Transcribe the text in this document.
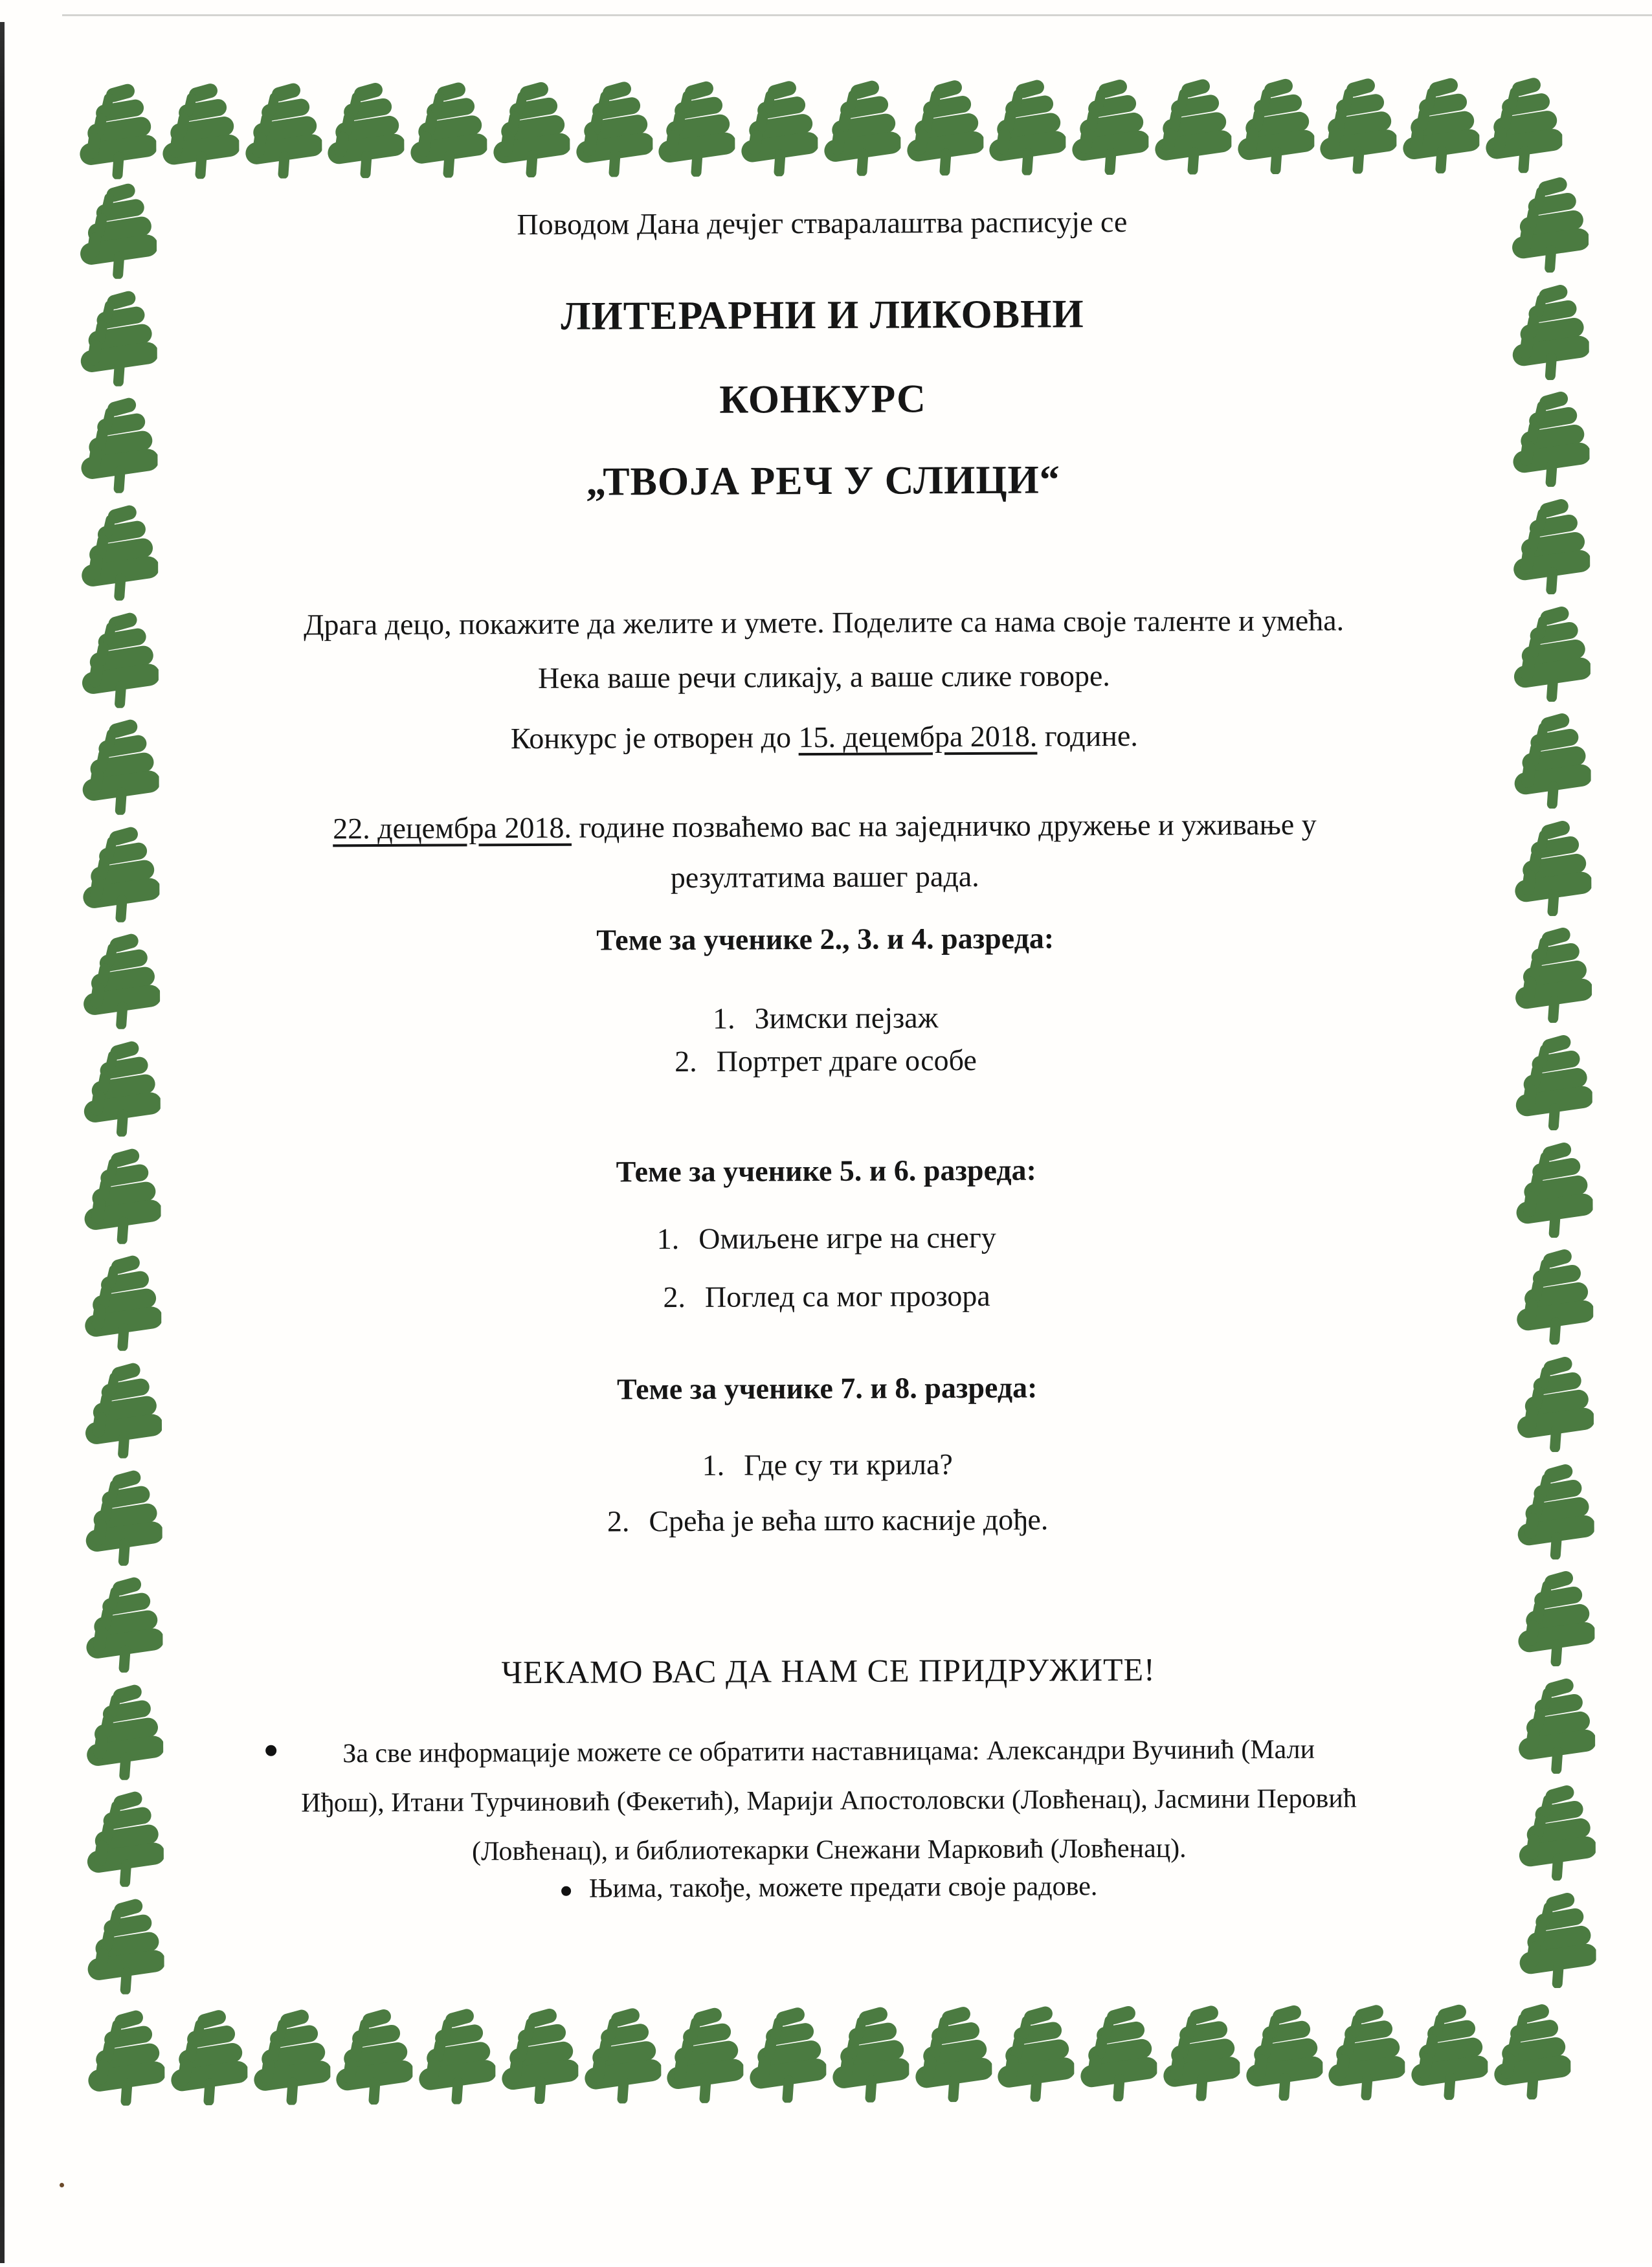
Поводом Дана дечјег стваралаштва расписује се
ЛИТЕРАРНИ И ЛИКОВНИ
КОНКУРС
„ТВОЈА РЕЧ У СЛИЦИ“
Драга децо, покажите да желите и умете. Поделите са нама своје таленте и умећа. Нека ваше речи сликају, а ваше слике говоре.
Конкурс је отворен до 15. децембра 2018. године.
22. децембра 2018. године позваћемо вас на заједничко дружење и уживање у резултатима вашег рада.
Теме за ученике 2., 3. и 4. разреда:
1. Зимски пејзаж
2. Портрет драге особе
Теме за ученике 5. и 6. разреда:
1. Омиљене игре на снегу
2. Поглед са мог прозора
Теме за ученике 7. и 8. разреда:
1. Где су ти крила?
2. Срећа је већа што касније дође.
ЧЕКАМО ВАС ДА НАМ СЕ ПРИДРУЖИТЕ!
За све информације можете се обратити наставницама: Александри Вучинић (Мали Иђош), Итани Турчиновић (Фекетић), Марији Апостоловски (Ловћенац), Јасмини Перовић (Ловћенац), и библиотекарки Снежани Марковић (Ловћенац).
Њима, такође, можете предати своје радове.
